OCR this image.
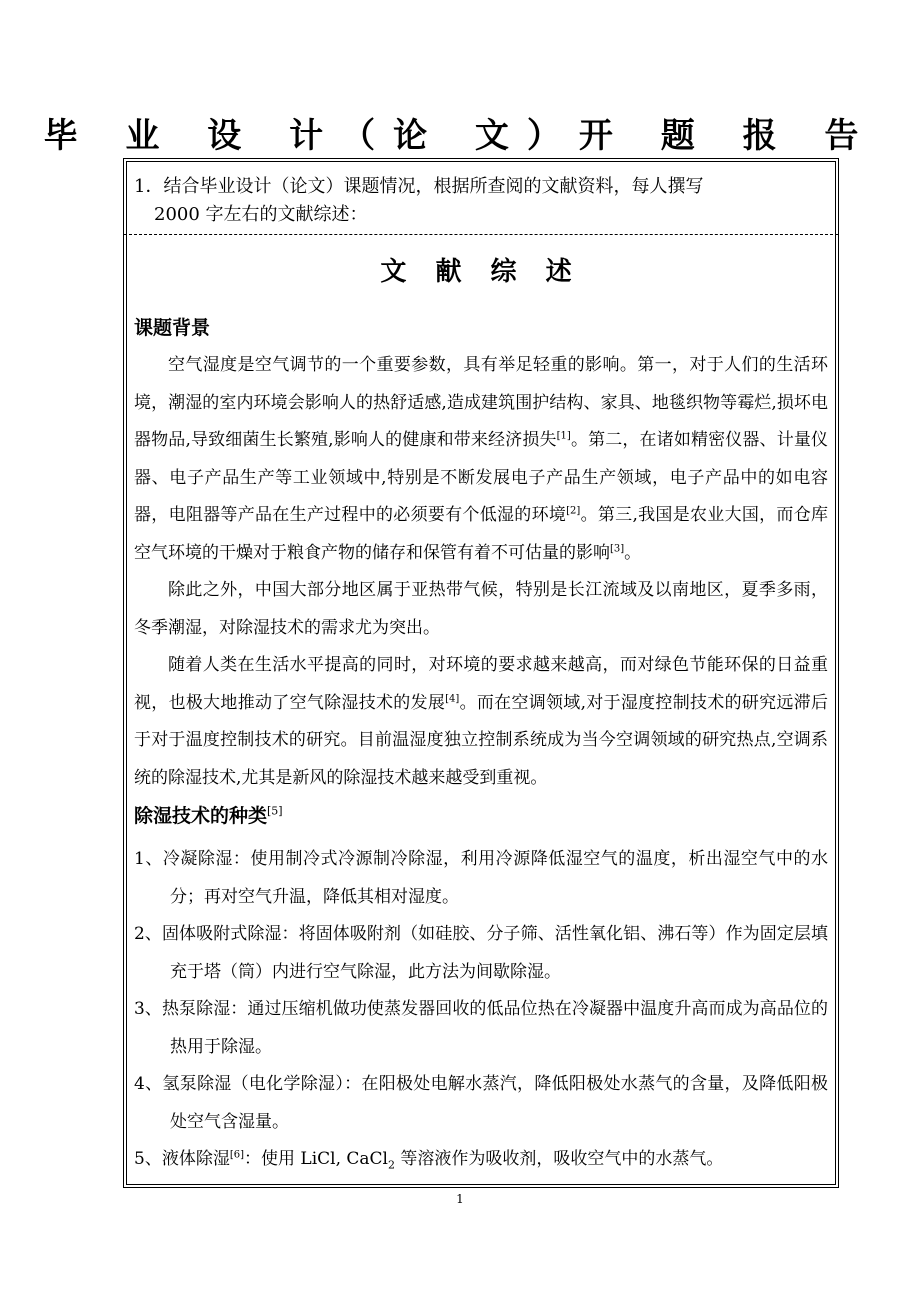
毕 业 设 计（论 文）开 题 报 告
1．结合毕业设计（论文）课题情况，根据所查阅的文献资料，每人撰写
2000 字左右的文献综述：
文 献 综 述

课题背景

空气湿度是空气调节的一个重要参数，具有举足轻重的影响。第一，对于人们的生活环境，潮湿的室内环境会影响人的热舒适感,造成建筑围护结构、家具、地毯织物等霉烂,损坏电器物品,导致细菌生长繁殖,影响人的健康和带来经济损失[1]。第二，在诸如精密仪器、计量仪器、电子产品生产等工业领域中,特别是不断发展电子产品生产领域，电子产品中的如电容器，电阻器等产品在生产过程中的必须要有个低湿的环境[2]。第三,我国是农业大国，而仓库空气环境的干燥对于粮食产物的储存和保管有着不可估量的影响[3]。

除此之外，中国大部分地区属于亚热带气候，特别是长江流域及以南地区，夏季多雨，冬季潮湿，对除湿技术的需求尤为突出。

随着人类在生活水平提高的同时，对环境的要求越来越高，而对绿色节能环保的日益重视，也极大地推动了空气除湿技术的发展[4]。而在空调领域,对于湿度控制技术的研究远滞后于对于温度控制技术的研究。目前温湿度独立控制系统成为当今空调领域的研究热点,空调系统的除湿技术,尤其是新风的除湿技术越来越受到重视。

除湿技术的种类[5]

1、冷凝除湿：使用制冷式冷源制冷除湿，利用冷源降低湿空气的温度，析出湿空气中的水分；再对空气升温，降低其相对湿度。

2、固体吸附式除湿：将固体吸附剂（如硅胶、分子筛、活性氧化铝、沸石等）作为固定层填充于塔（筒）内进行空气除湿，此方法为间歇除湿。

3、热泵除湿：通过压缩机做功使蒸发器回收的低品位热在冷凝器中温度升高而成为高品位的热用于除湿。

4、氢泵除湿（电化学除湿）：在阳极处电解水蒸汽，降低阳极处水蒸气的含量，及降低阳极处空气含湿量。

5、液体除湿[6]：使用 LiCl, CaCl$_2$ 等溶液作为吸收剂，吸收空气中的水蒸气。

1
